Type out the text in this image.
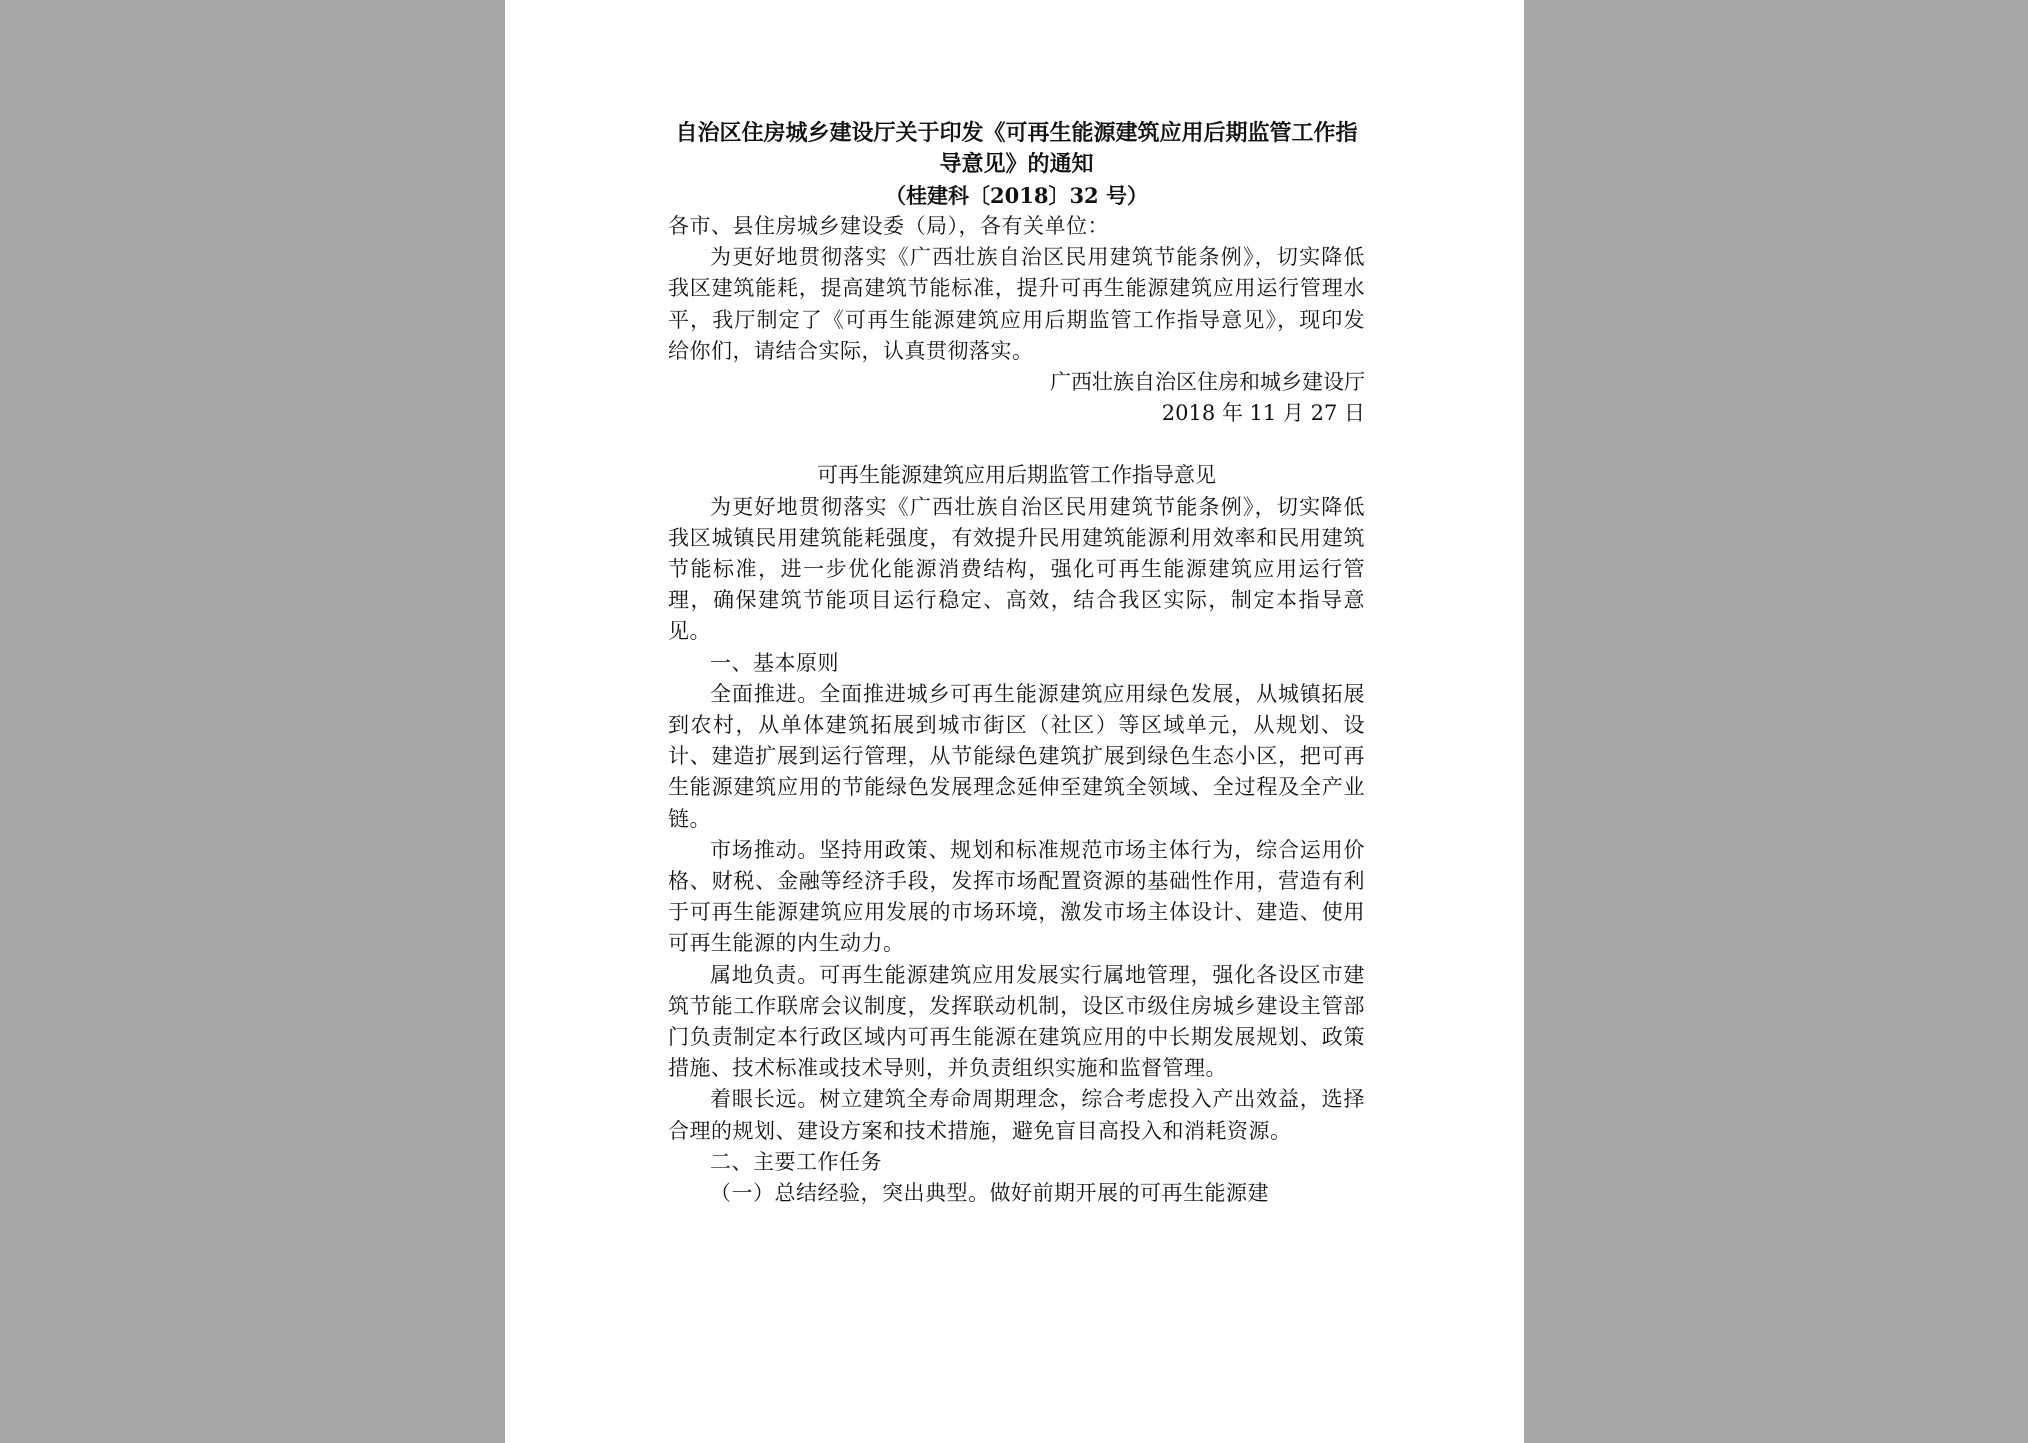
自治区住房城乡建设厅关于印发《可再生能源建筑应用后期监管工作指导意见》的通知

（桂建科〔2018〕32 号）

各市、县住房城乡建设委（局），各有关单位：

为更好地贯彻落实《广西壮族自治区民用建筑节能条例》，切实降低我区建筑能耗，提高建筑节能标准，提升可再生能源建筑应用运行管理水平，我厅制定了《可再生能源建筑应用后期监管工作指导意见》，现印发给你们，请结合实际，认真贯彻落实。

广西壮族自治区住房和城乡建设厅

2018 年 11 月 27 日

可再生能源建筑应用后期监管工作指导意见

为更好地贯彻落实《广西壮族自治区民用建筑节能条例》，切实降低我区城镇民用建筑能耗强度，有效提升民用建筑能源利用效率和民用建筑节能标准，进一步优化能源消费结构，强化可再生能源建筑应用运行管理，确保建筑节能项目运行稳定、高效，结合我区实际，制定本指导意见。

一、基本原则

全面推进。全面推进城乡可再生能源建筑应用绿色发展，从城镇拓展到农村，从单体建筑拓展到城市街区（社区）等区域单元，从规划、设计、建造扩展到运行管理，从节能绿色建筑扩展到绿色生态小区，把可再生能源建筑应用的节能绿色发展理念延伸至建筑全领域、全过程及全产业链。

市场推动。坚持用政策、规划和标准规范市场主体行为，综合运用价格、财税、金融等经济手段，发挥市场配置资源的基础性作用，营造有利于可再生能源建筑应用发展的市场环境，激发市场主体设计、建造、使用可再生能源的内生动力。

属地负责。可再生能源建筑应用发展实行属地管理，强化各设区市建筑节能工作联席会议制度，发挥联动机制，设区市级住房城乡建设主管部门负责制定本行政区域内可再生能源在建筑应用的中长期发展规划、政策措施、技术标准或技术导则，并负责组织实施和监督管理。

着眼长远。树立建筑全寿命周期理念，综合考虑投入产出效益，选择合理的规划、建设方案和技术措施，避免盲目高投入和消耗资源。

二、主要工作任务

（一）总结经验，突出典型。做好前期开展的可再生能源建
